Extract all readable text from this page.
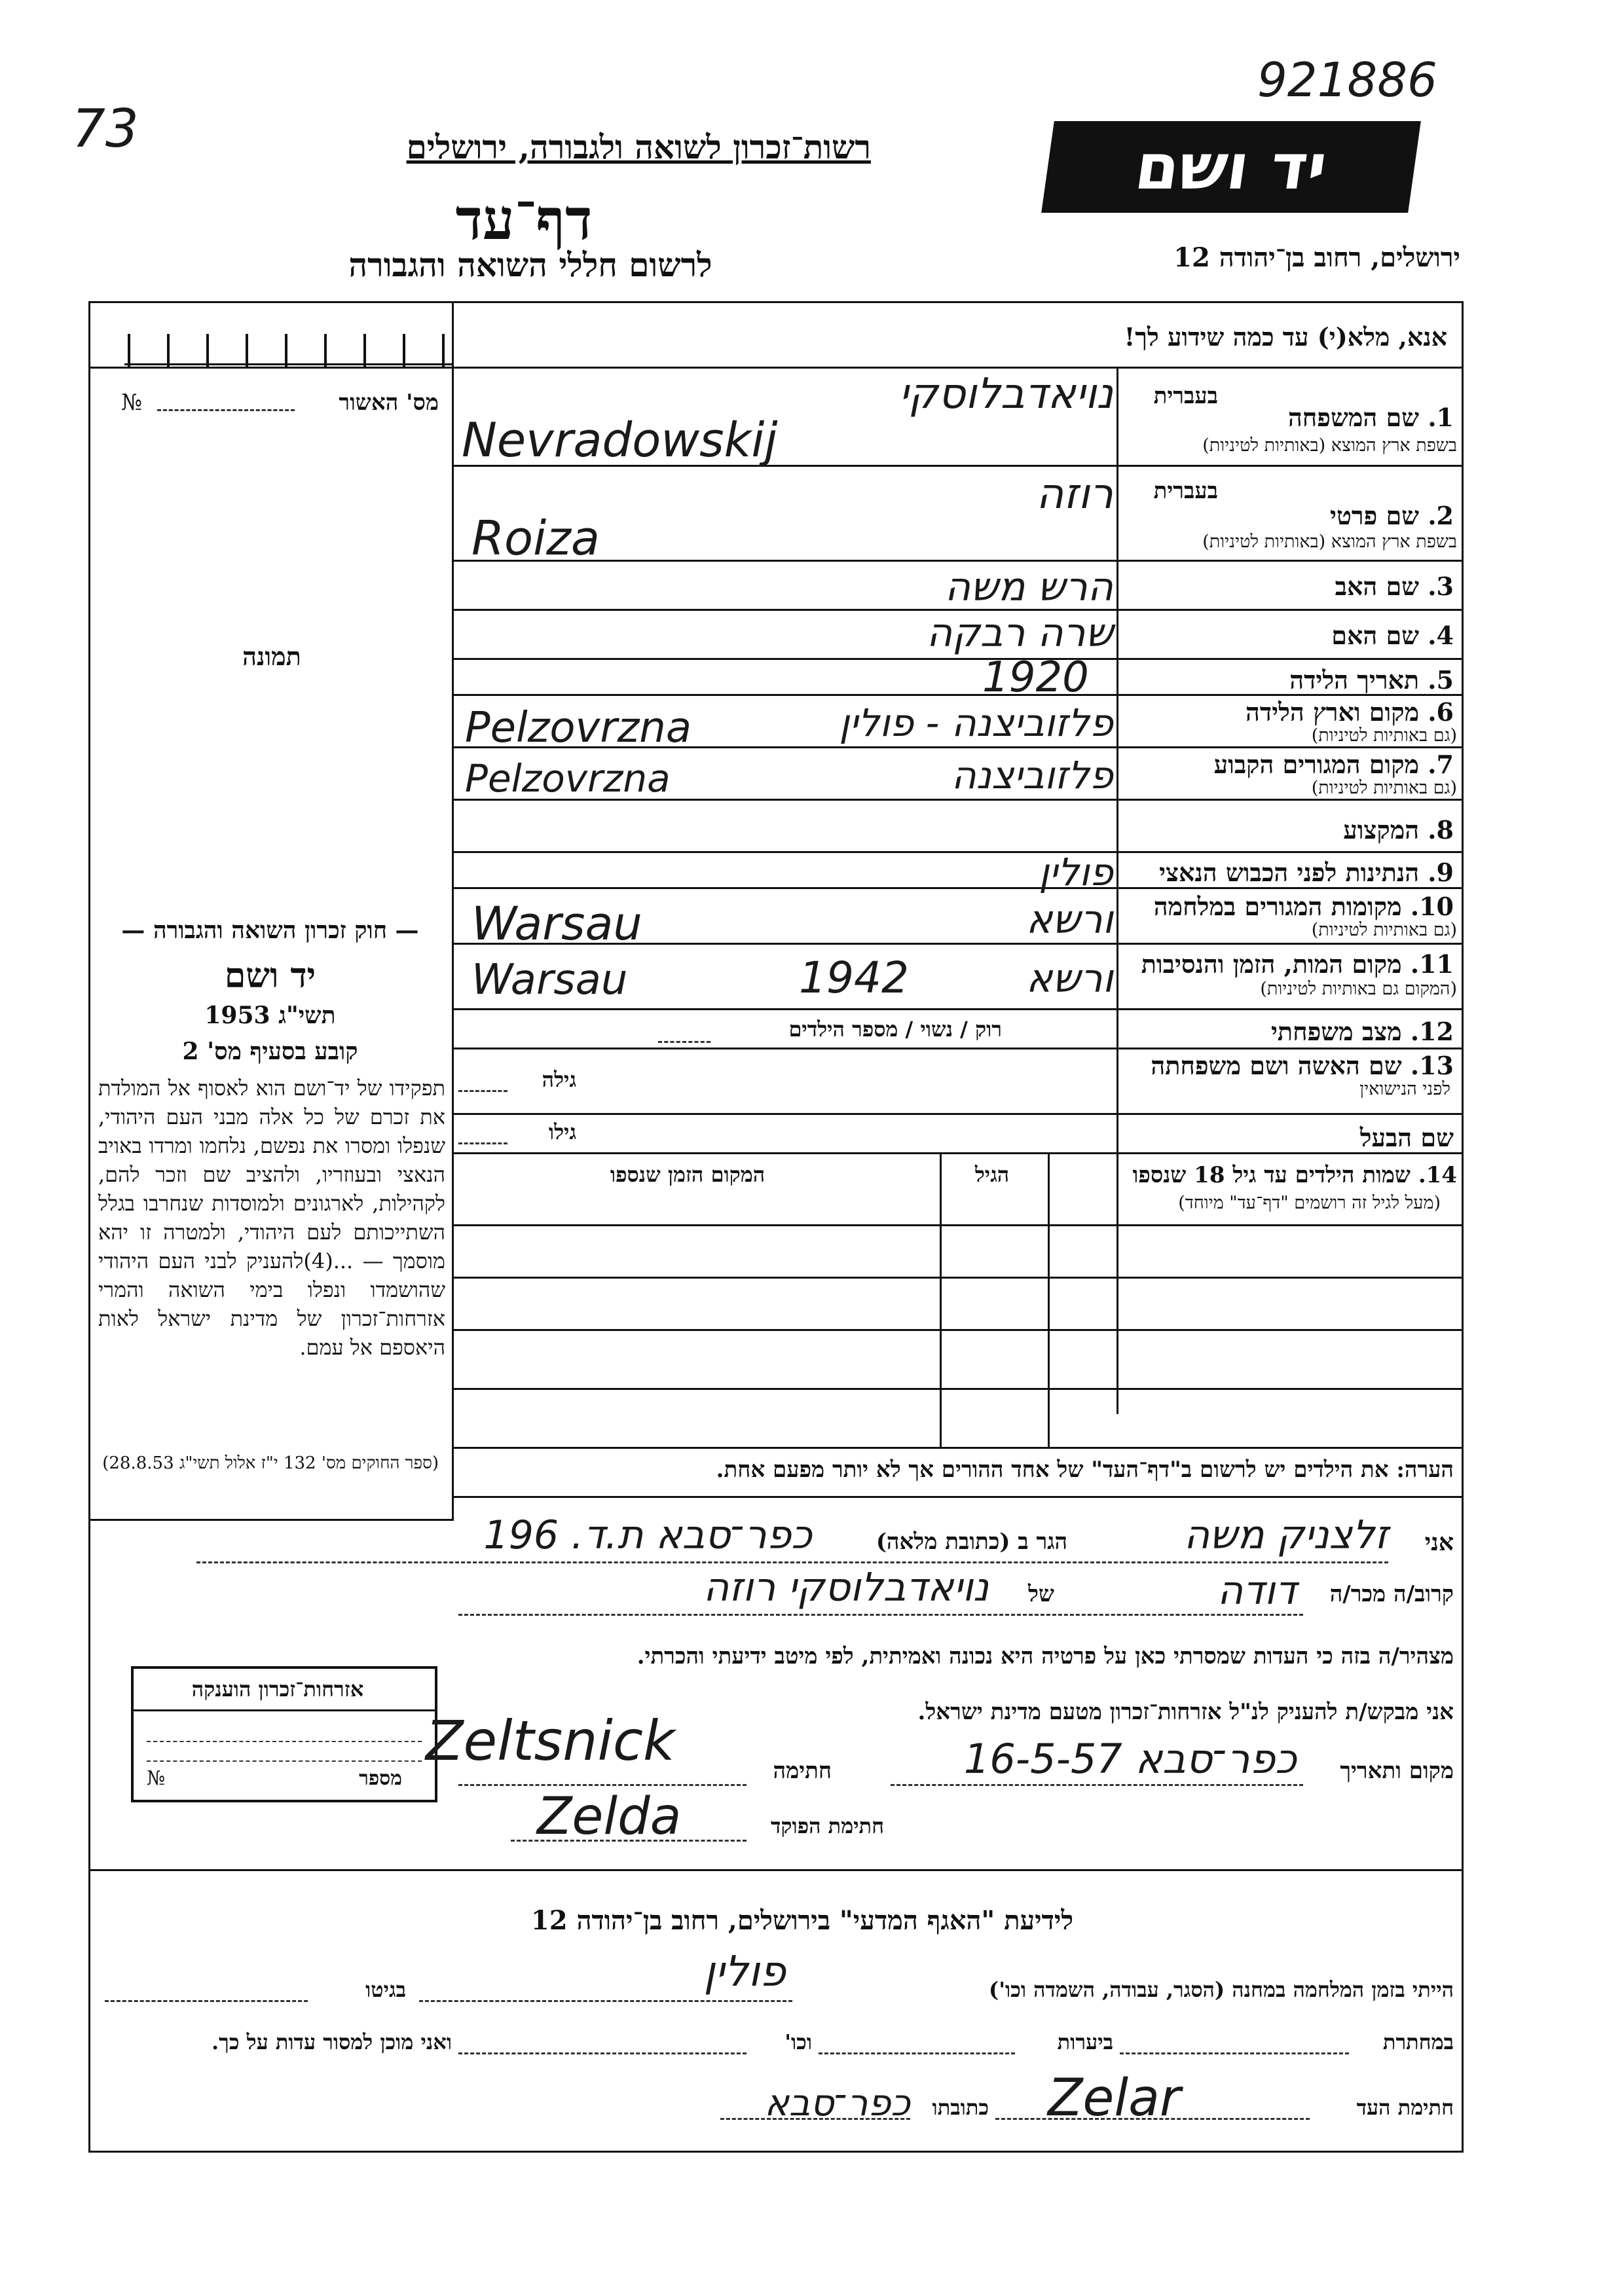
73
921886
רשות־זכרון לשואה ולגבורה, ירושלים
דף־עד
לרשום חללי השואה והגבורה
יד ושם
ירושלים, רחוב בן־יהודה 12
אנא, מלא(י) עד כמה שידוע לך!
מס' האשור
№
תמונה
— חוק זכרון השואה והגבורה —
יד ושם
תשי"ג 1953
קובע בסעיף מס' 2
תפקידו של יד־ושם הוא לאסוף אל המולדת את זכרם של כל אלה מבני העם היהודי, שנפלו ומסרו את נפשם, נלחמו ומרדו באויב הנאצי ובעוזריו, ולהציב שם וזכר להם, לקהילות, לארגונים ולמוסדות שנחרבו בגלל השתייכותם לעם היהודי, ולמטרה זו יהא מוסמך — ...(4)להעניק לבני העם היהודי שהושמדו ונפלו בימי השואה והמרי אזרחות־זכרון של מדינת ישראל לאות היאספם אל עמם.
(ספר החוקים מס' 132 י"ז אלול תשי"ג 28.8.53)
בעברית
1. שם המשפחה
בשפת ארץ המוצא (באותיות לטיניות)
נויאדבלוסקי
Nevradowskij
בעברית
2. שם פרטי
בשפת ארץ המוצא (באותיות לטיניות)
רוזה
Roiza
3. שם האב
הרש משה
4. שם האם
שרה רבקה
5. תאריך הלידה
1920
6. מקום וארץ הלידה
(גם באותיות לטיניות)
פלזוביצנה - פולין
Pelzovrzna
7. מקום המגורים הקבוע
(גם באותיות לטיניות)
פלזוביצנה
Pelzovrzna
8. המקצוע
9. הנתינות לפני הכבוש הנאצי
פולין
10. מקומות המגורים במלחמה
(גם באותיות לטיניות)
ורשא
Warsau
11. מקום המות, הזמן והנסיבות
(המקום גם באותיות לטיניות)
ורשא
1942
Warsau
12. מצב משפחתי
רוק / נשוי / מספר הילדים
13. שם האשה ושם משפחתה
לפני הנישואין
גילה
שם הבעל
גילו
14. שמות הילדים עד גיל 18 שנספו
(מעל לגיל זה רושמים "דף־עד" מיוחד)
הגיל
המקום הזמן שנספו
הערה: את הילדים יש לרשום ב"דף־העד" של אחד ההורים אך לא יותר מפעם אחת.
אני
זלצניק משה
הגר ב (כתובת מלאה)
כפר־סבא ת.ד. 196
קרוב/ה מכר/ה
דודה
של
נויאדבלוסקי רוזה
מצהיר/ה בזה כי העדות שמסרתי כאן על פרטיה היא נכונה ואמיתית, לפי מיטב ידיעתי והכרתי.
אזרחות־זכרון הוענקה
מספר
№
אני מבקש/ת להעניק לנ"ל אזרחות־זכרון מטעם מדינת ישראל.
מקום ותאריך
כפר־סבא 16-5-57
חתימה
Zeltsnick
חתימת הפוקד
Zelda
לידיעת "האגף המדעי" בירושלים, רחוב בן־יהודה 12
הייתי בזמן המלחמה במחנה (הסגר, עבודה, השמדה וכו')
פולין
בגיטו
במחתרת
ביערות
וכו'
ואני מוכן למסור עדות על כך.
חתימת העד
Zelar
כתובתו
כפר־סבא
